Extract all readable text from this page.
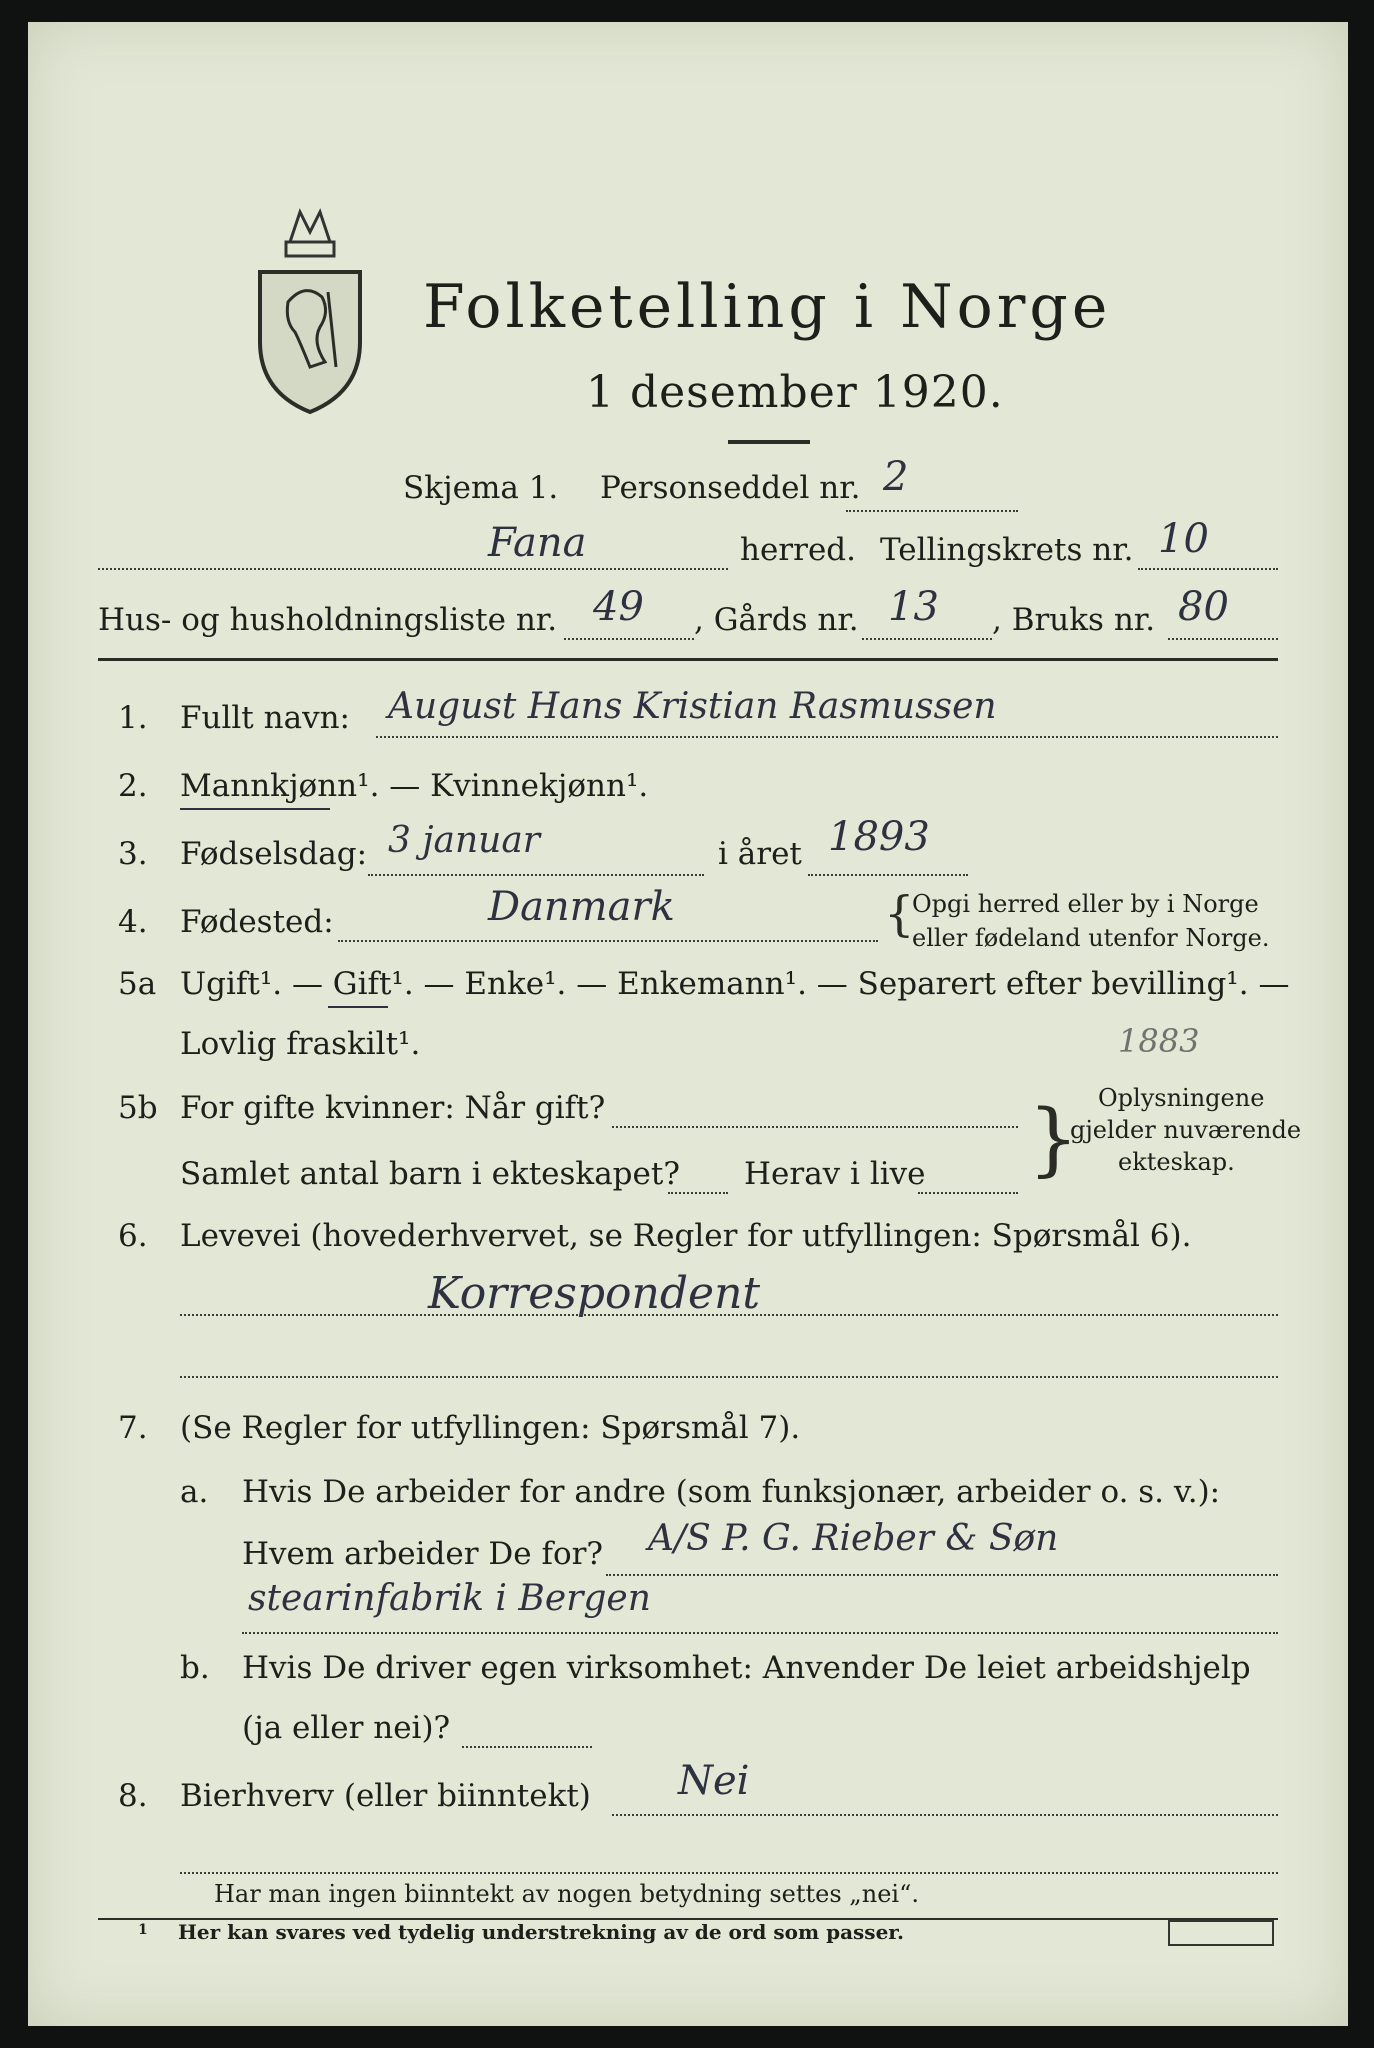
Folketelling i Norge
1 desember 1920.
Skjema 1. Personseddel nr. 2
Fana	herred. Tellingskrets nr. 10
Hus- og husholdningsliste nr. 49 , Gårds nr. 13 , Bruks nr. 80
1. Fullt navn: August Hans Kristian Rasmussen
2. Mannkjønn¹. — Kvinnekjønn¹.
3. Fødselsdag: 3 januar	i året 1893
4. Fødested:	Danmark	{
Opgi herred eller by i Norge
eller fødeland utenfor Norge.
5a Ugift¹. — Gift¹. — Enke¹. — Enkemann¹. — Separert efter bevilling¹. —
Lovlig fraskilt¹.	1883
5b For gifte kvinner: Når gift?
Samlet antal barn i ekteskapet? Herav i live } Oplysningene
gjelder nuværende
ekteskap.
6. Levevei (hovederhvervet, se Regler for utfyllingen: Spørsmål 6).
Korrespondent
7. (Se Regler for utfyllingen: Spørsmål 7).
a. Hvis De arbeider for andre (som funksjonær, arbeider o. s. v.):
Hvem arbeider De for? A/S P. G. Rieber & Søn
stearinfabrik i Bergen
b. Hvis De driver egen virksomhet: Anvender De leiet arbeidshjelp
(ja eller nei)?
8. Bierhverv (eller biinntekt) Nei
Har man ingen biinntekt av nogen betydning settes „nei“.
1 Her kan svares ved tydelig understrekning av de ord som passer.
